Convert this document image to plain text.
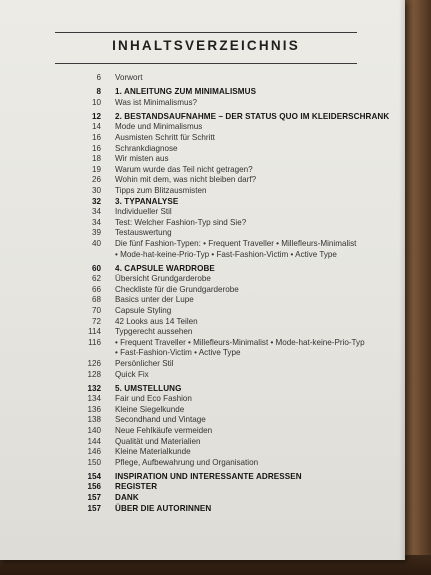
INHALTSVERZEICHNIS
6 Vorwort
8 1. ANLEITUNG ZUM MINIMALISMUS
10 Was ist Minimalismus?
12 2. BESTANDSAUFNAHME – DER STATUS QUO IM KLEIDERSCHRANK
14 Mode und Minimalismus
16 Ausmisten Schritt für Schritt
16 Schrankdiagnose
18 Wir misten aus
19 Warum wurde das Teil nicht getragen?
26 Wohin mit dem, was nicht bleiben darf?
30 Tipps zum Blitzausmisten
32 3. TYPANALYSE
34 Individueller Stil
34 Test: Welcher Fashion-Typ sind Sie?
39 Testauswertung
40 Die fünf Fashion-Typen: • Frequent Traveller • Millefleurs-Minimalist
• Mode-hat-keine-Prio-Typ • Fast-Fashion-Victim • Active Type
60 4. CAPSULE WARDROBE
62 Übersicht Grundgarderobe
66 Checkliste für die Grundgarderobe
68 Basics unter der Lupe
70 Capsule Styling
72 42 Looks aus 14 Teilen
114 Typgerecht aussehen
116 • Frequent Traveller • Millefleurs-Minimalist • Mode-hat-keine-Prio-Typ
• Fast-Fashion-Victim • Active Type
126 Persönlicher Stil
128 Quick Fix
132 5. UMSTELLUNG
134 Fair und Eco Fashion
136 Kleine Siegelkunde
138 Secondhand und Vintage
140 Neue Fehlkäufe vermeiden
144 Qualität und Materialien
146 Kleine Materialkunde
150 Pflege, Aufbewahrung und Organisation
154 INSPIRATION UND INTERESSANTE ADRESSEN
156 REGISTER
157 DANK
157 ÜBER DIE AUTORINNEN
